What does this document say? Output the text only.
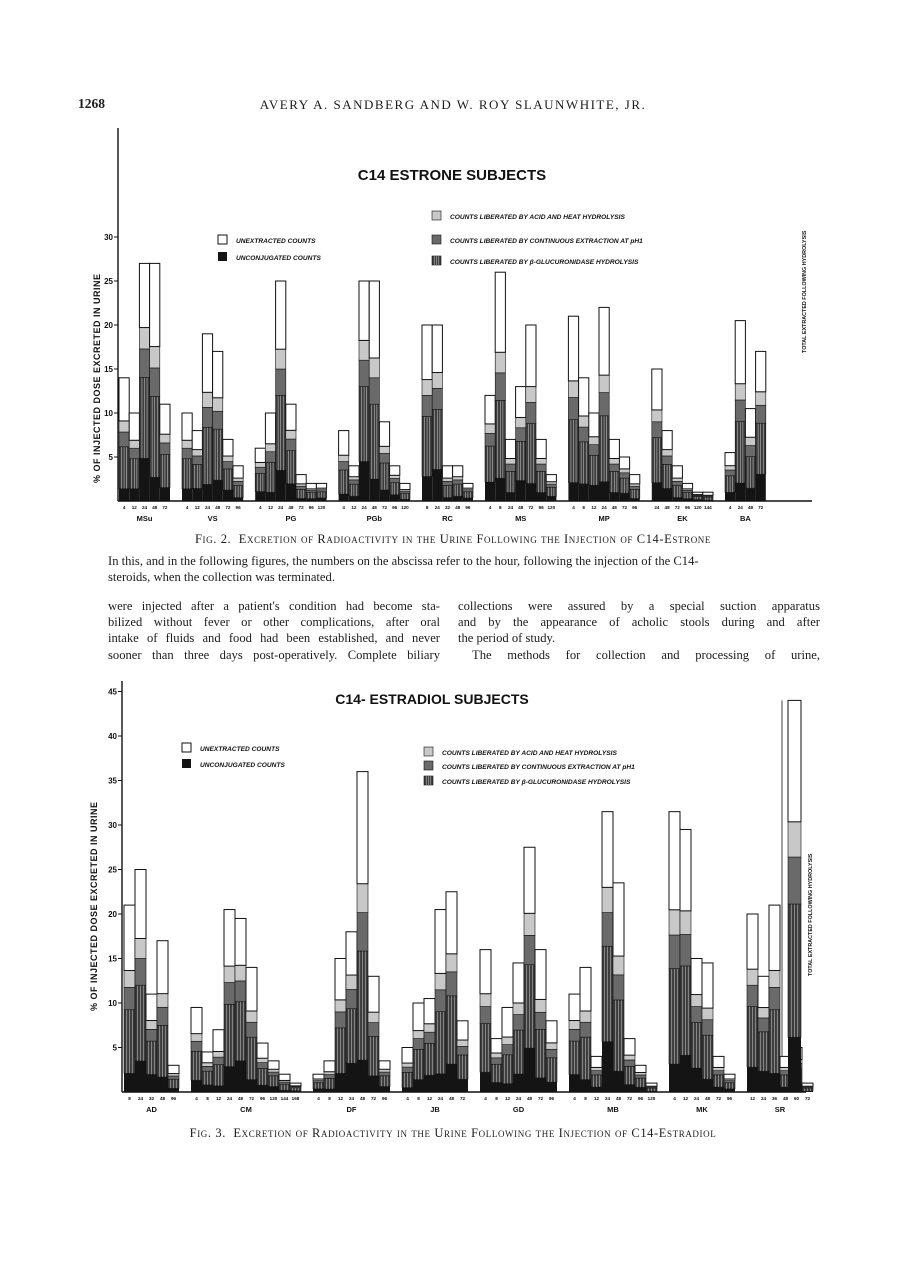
1268	AVERY A. SANDBERG AND W. ROY SLAUNWHITE, JR.
5
10
15
20
25
30
4 12 24 48 72
MSu
4 12 24 48 72 96
VS
4 12 24 48 72 96 120
PG
4 12 24 48 72 96 120
PGb
8 24 32 48 96
RC
4 8 24 48 72 96 120
MS
4 8 12 24 48 72 96
MP
24 48 72 96 120 144
EK
4 24 48 72
BA
C14 ESTRONE SUBJECTS
% OF INJECTED DOSE EXCRETED IN URINE	TOTAL EXTRACTED FOLLOWING HYDROLYSIS
UNEXTRACTED COUNTS
UNCONJUGATED COUNTS
COUNTS LIBERATED BY ACID AND HEAT HYDROLYSIS
COUNTS LIBERATED BY CONTINUOUS EXTRACTION AT pH1
COUNTS LIBERATED BY β-GLUCURONIDASE HYDROLYSIS
Fig. 2. Excretion of Radioactivity in the Urine Following the Injection of C14-Estrone
In this, and in the following figures, the numbers on the abscissa refer to the hour, following the injection of the C14-
steroids, when the collection was terminated.
were injected after a patient's condition had become sta-
bilized without fever or other complications, after oral
intake of fluids and food had been established, and never
sooner than three days post-operatively. Complete biliary
collections were assured by a special suction apparatus
and by the appearance of acholic stools during and after
the period of study.
The methods for collection and processing of urine,
5
10
15
20
25
30
35
40
45
8 24 32 48 96
AD
4 8 12 24 48 72 96 120 144 168
CM
4 8 12 24 48 72 96
DF
4 8 12 24 48 72
JB
4 8 12 24 48 72 96
GD
4 8 12 24 48 72 96 120
MB
4 12 24 48 72 96
MK
12 24 36 48 60 72
SR
C14- ESTRADIOL SUBJECTS
% OF INJECTED DOSE EXCRETED IN URINE	TOTAL EXTRACTED FOLLOWING HYDROLYSIS
UNEXTRACTED COUNTS
UNCONJUGATED COUNTS
COUNTS LIBERATED BY ACID AND HEAT HYDROLYSIS
COUNTS LIBERATED BY CONTINUOUS EXTRACTION AT pH1
COUNTS LIBERATED BY β-GLUCURONIDASE HYDROLYSIS
Fig. 3. Excretion of Radioactivity in the Urine Following the Injection of C14-Estradiol
